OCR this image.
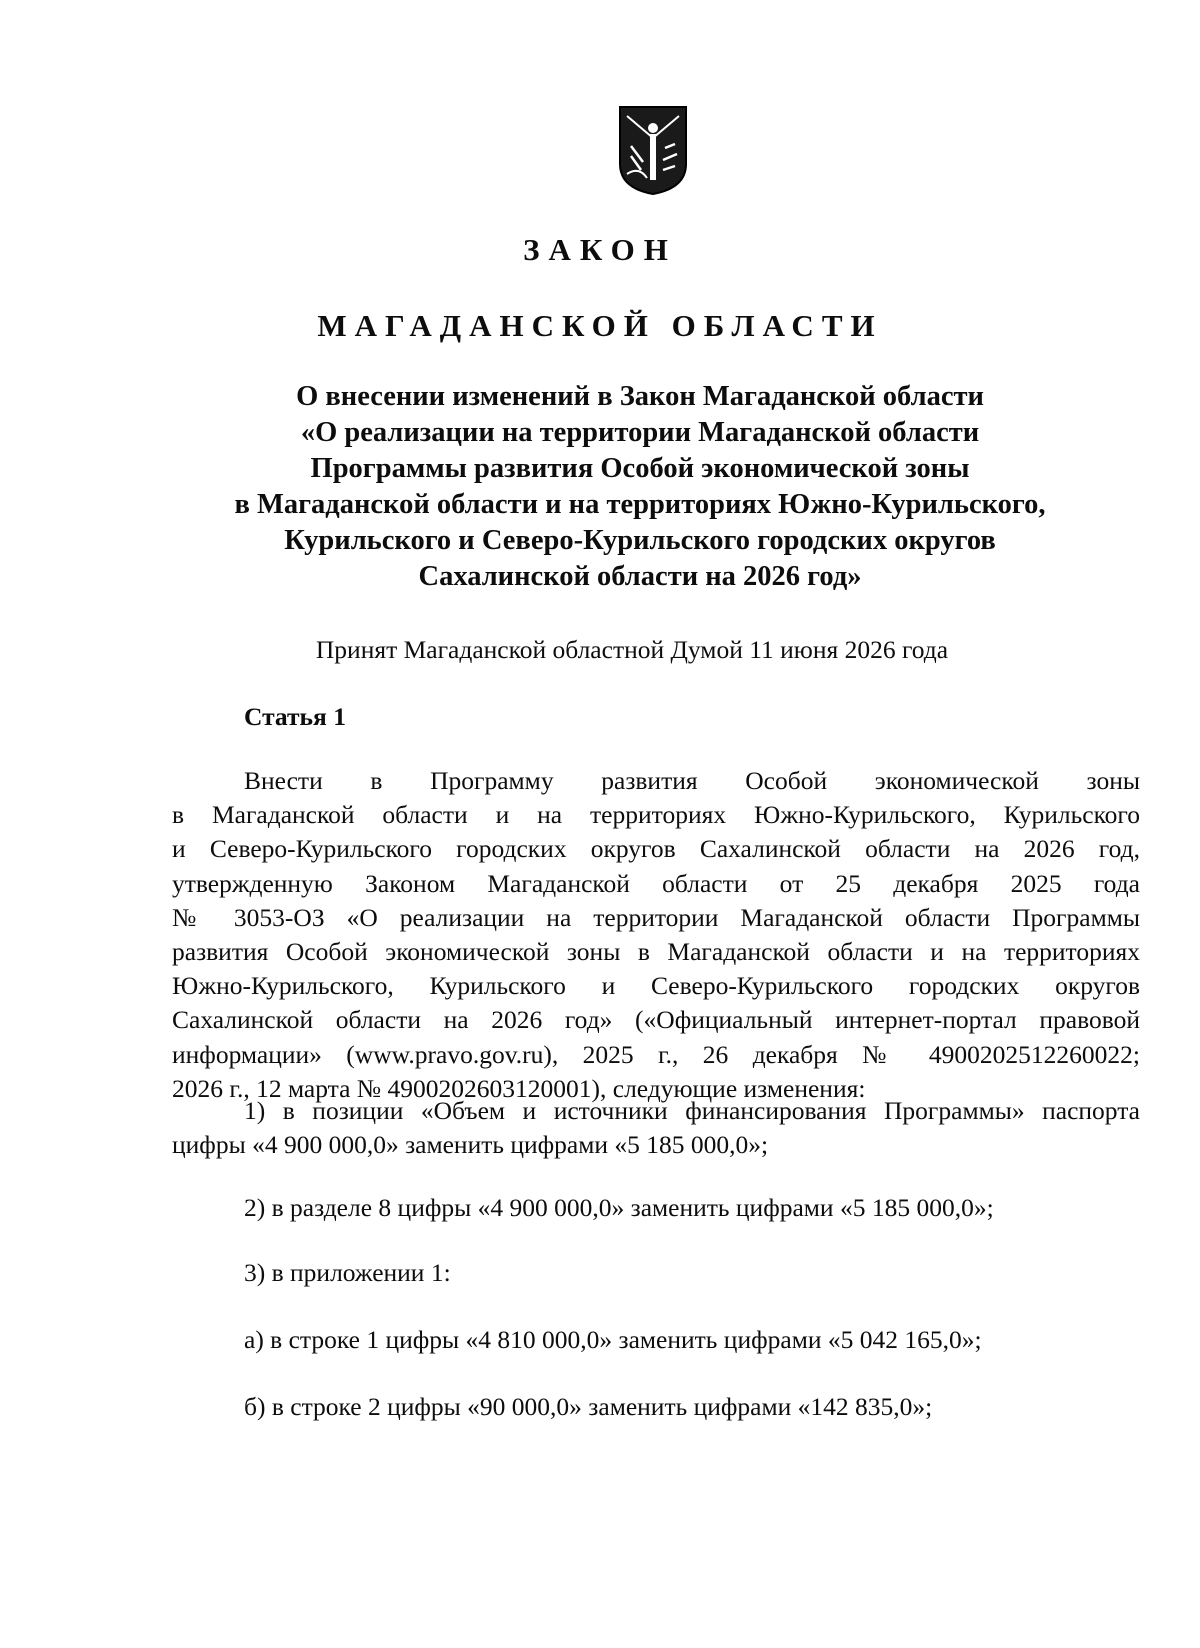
ЗАКОН
МАГАДАНСКОЙ ОБЛАСТИ
О внесении изменений в Закон Магаданской области
«О реализации на территории Магаданской области
Программы развития Особой экономической зоны
в Магаданской области и на территориях Южно-Курильского,
Курильского и Северо-Курильского городских округов
Сахалинской области на 2026 год»
Принят Магаданской областной Думой 11 июня 2026 года
Статья 1
Внести в Программу развития Особой экономической зоны
в Магаданской области и на территориях Южно-Курильского, Курильского
и Северо-Курильского городских округов Сахалинской области на 2026 год,
утвержденную Законом Магаданской области от 25 декабря 2025 года
№ 3053-ОЗ «О реализации на территории Магаданской области Программы
развития Особой экономической зоны в Магаданской области и на территориях
Южно-Курильского, Курильского и Северо-Курильского городских округов
Сахалинской области на 2026 год» («Официальный интернет-портал правовой
информации» (www.pravo.gov.ru), 2025 г., 26 декабря № 4900202512260022;
2026 г., 12 марта № 4900202603120001), следующие изменения:
1) в позиции «Объем и источники финансирования Программы» паспорта
цифры «4 900 000,0» заменить цифрами «5 185 000,0»;
2) в разделе 8 цифры «4 900 000,0» заменить цифрами «5 185 000,0»;
3) в приложении 1:
а) в строке 1 цифры «4 810 000,0» заменить цифрами «5 042 165,0»;
б) в строке 2 цифры «90 000,0» заменить цифрами «142 835,0»;
